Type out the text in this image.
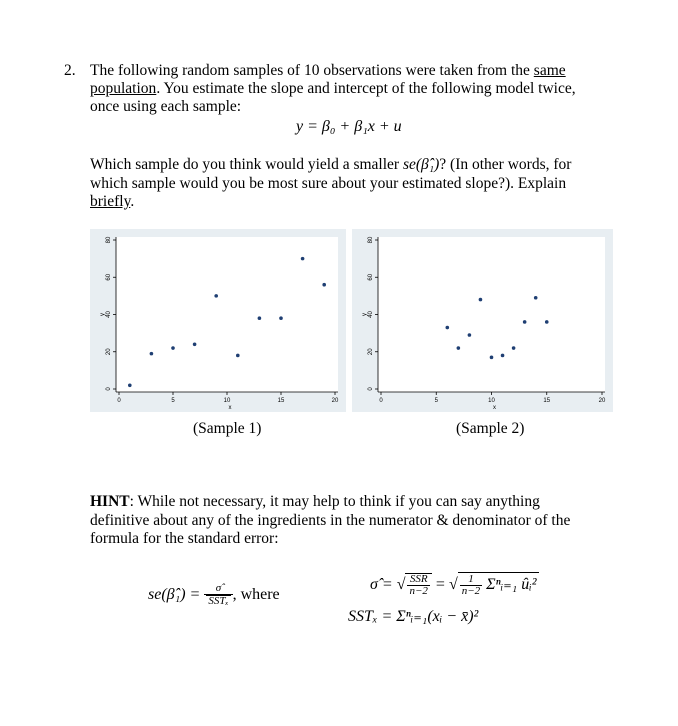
2. The following random samples of 10 observations were taken from the same
population. You estimate the slope and intercept of the following model twice,
once using each sample:
y = β₀ + β₁x + u
Which sample do you think would yield a smaller se(β̂₁)? (In other words, for
which sample would you be most sure about your estimated slope?). Explain
briefly.
0	5	10	15	20
0
20
40
60
80
x
y
0	5	10	15	20
0
20
40
60
80
x
y
(Sample 1)	(Sample 2)
HINT: While not necessary, it may help to think if you can say anything
definitive about any of the ingredients in the numerator & denominator of the
formula for the standard error:
se(β̂₁) = $\frac{\sigmâ}{\text{SSTₓ}}$ , where
σ̂ = √ $\frac{\text{SSR}}{n-2}$ = √ $\frac{1}{n-2}$ Σⁿᵢ₌₁ ûᵢ²
SSTₓ = Σⁿᵢ₌₁(xᵢ − x̄)²
